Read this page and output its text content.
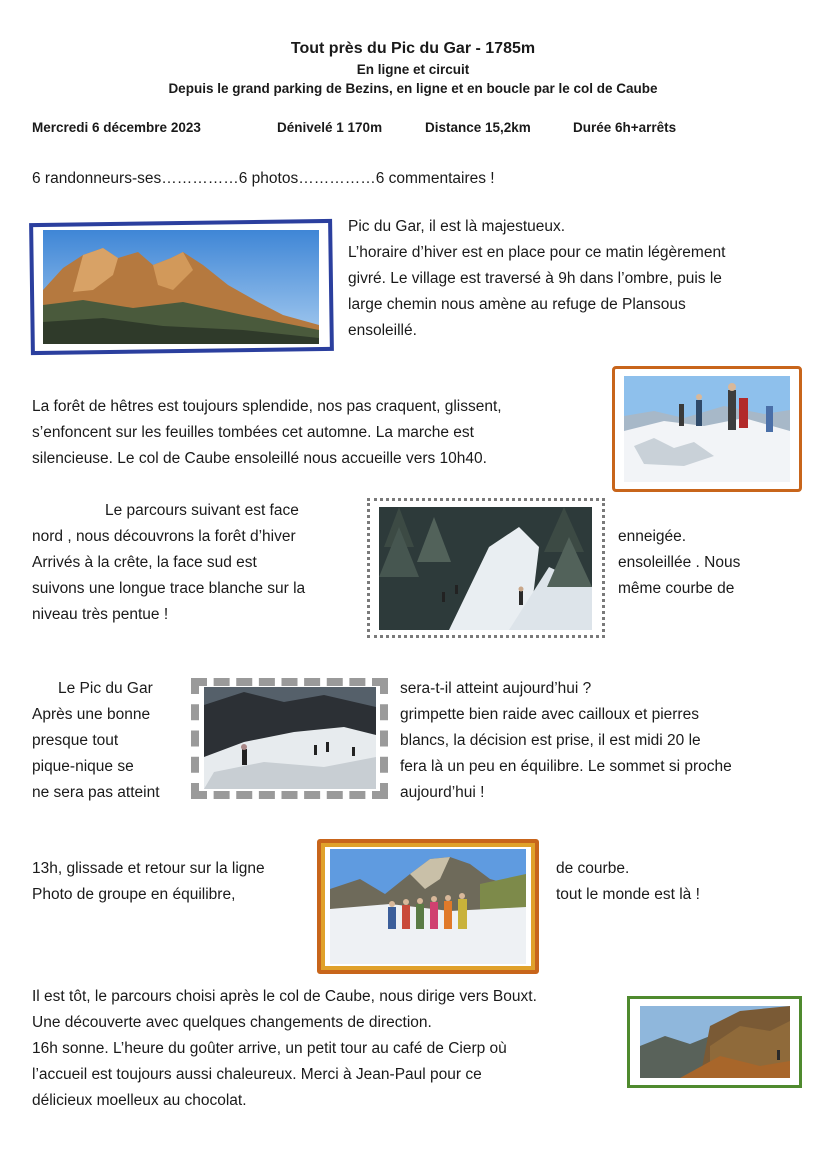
Tout près du Pic du Gar - 1785m
En ligne et circuit
Depuis le grand parking de Bezins, en ligne et en boucle par le col de Caube
Mercredi 6 décembre 2023	Dénivelé 1 170m	Distance 15,2km	Durée 6h+arrêts
6 randonneurs-ses……………6 photos……………6 commentaires !
Pic du Gar, il est là majestueux.
L’horaire d’hiver est en place pour ce matin légèrement
givré. Le village est traversé à 9h dans l’ombre, puis le
large chemin nous amène au refuge de Plansous
ensoleillé.
La forêt de hêtres est toujours splendide, nos pas craquent, glissent,
s’enfoncent sur les feuilles tombées cet automne. La marche est
silencieuse. Le col de Caube ensoleillé nous accueille vers 10h40.
Le parcours suivant est face
nord , nous découvrons la forêt d’hiver
Arrivés à la crête, la face sud est
suivons une longue trace blanche sur la
niveau très pentue !
enneigée.
ensoleillée . Nous
même courbe de
Le Pic du Gar
Après une bonne
presque tout
pique-nique se
ne sera pas atteint
sera-t-il atteint aujourd’hui ?
grimpette bien raide avec cailloux et pierres
blancs, la décision est prise, il est midi 20 le
fera là un peu en équilibre. Le sommet si proche
aujourd’hui !
13h, glissade et retour sur la ligne
Photo de groupe en équilibre,
de courbe.
tout le monde est là !
Il est tôt, le parcours choisi après le col de Caube, nous dirige vers Bouxt.
Une découverte avec quelques changements de direction.
16h sonne. L’heure du goûter arrive, un petit tour au café de Cierp où
l’accueil est toujours aussi chaleureux. Merci à Jean-Paul pour ce
délicieux moelleux au chocolat.
